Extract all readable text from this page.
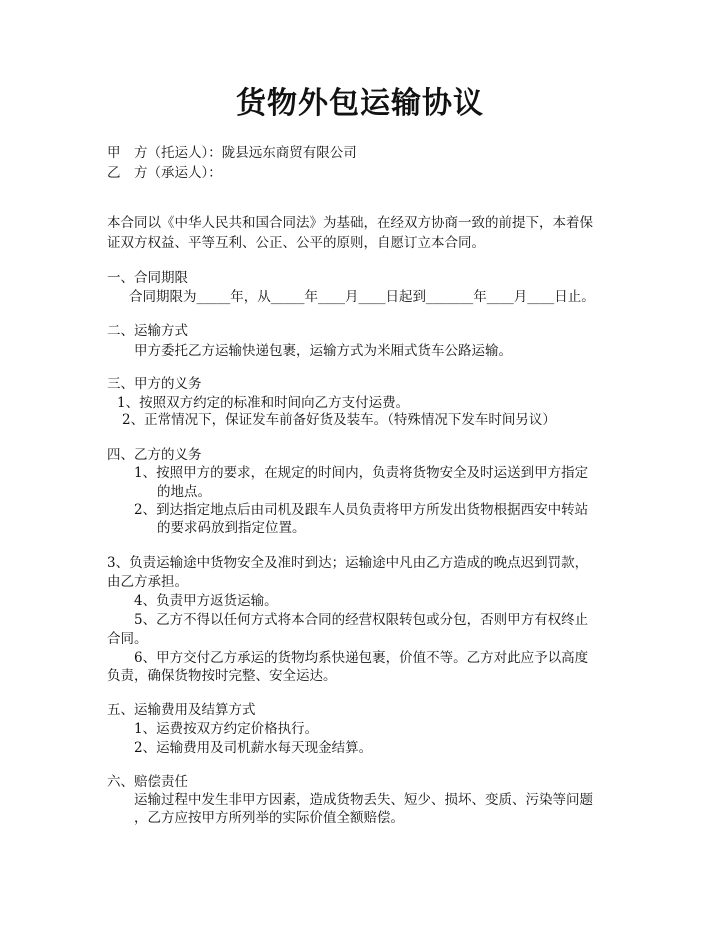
货物外包运输协议
甲　方（托运人）：陇县远东商贸有限公司
乙　方（承运人）：
本合同以《中华人民共和国合同法》为基础，在经双方协商一致的前提下，本着保
证双方权益、平等互利、公正、公平的原则，自愿订立本合同。
一、合同期限
合同期限为_____年，从_____年____月____日起到_______年____月____日止。
二、运输方式
甲方委托乙方运输快递包裹，运输方式为米厢式货车公路运输。
三、甲方的义务
1、按照双方约定的标准和时间向乙方支付运费。
2、正常情况下，保证发车前备好货及装车。（特殊情况下发车时间另议）
四、乙方的义务
1、按照甲方的要求，在规定的时间内，负责将货物安全及时运送到甲方指定
的地点。
2、到达指定地点后由司机及跟车人员负责将甲方所发出货物根据西安中转站
的要求码放到指定位置。
3、负责运输途中货物安全及准时到达；运输途中凡由乙方造成的晚点迟到罚款，
由乙方承担。
4、负责甲方返货运输。
5、乙方不得以任何方式将本合同的经营权限转包或分包，否则甲方有权终止
合同。
6、甲方交付乙方承运的货物均系快递包裹，价值不等。乙方对此应予以高度
负责，确保货物按时完整、安全运达。
五、运输费用及结算方式
1、运费按双方约定价格执行。
2、运输费用及司机薪水每天现金结算。
六、赔偿责任
运输过程中发生非甲方因素，造成货物丢失、短少、损坏、变质、污染等问题
，乙方应按甲方所列举的实际价值全额赔偿。
